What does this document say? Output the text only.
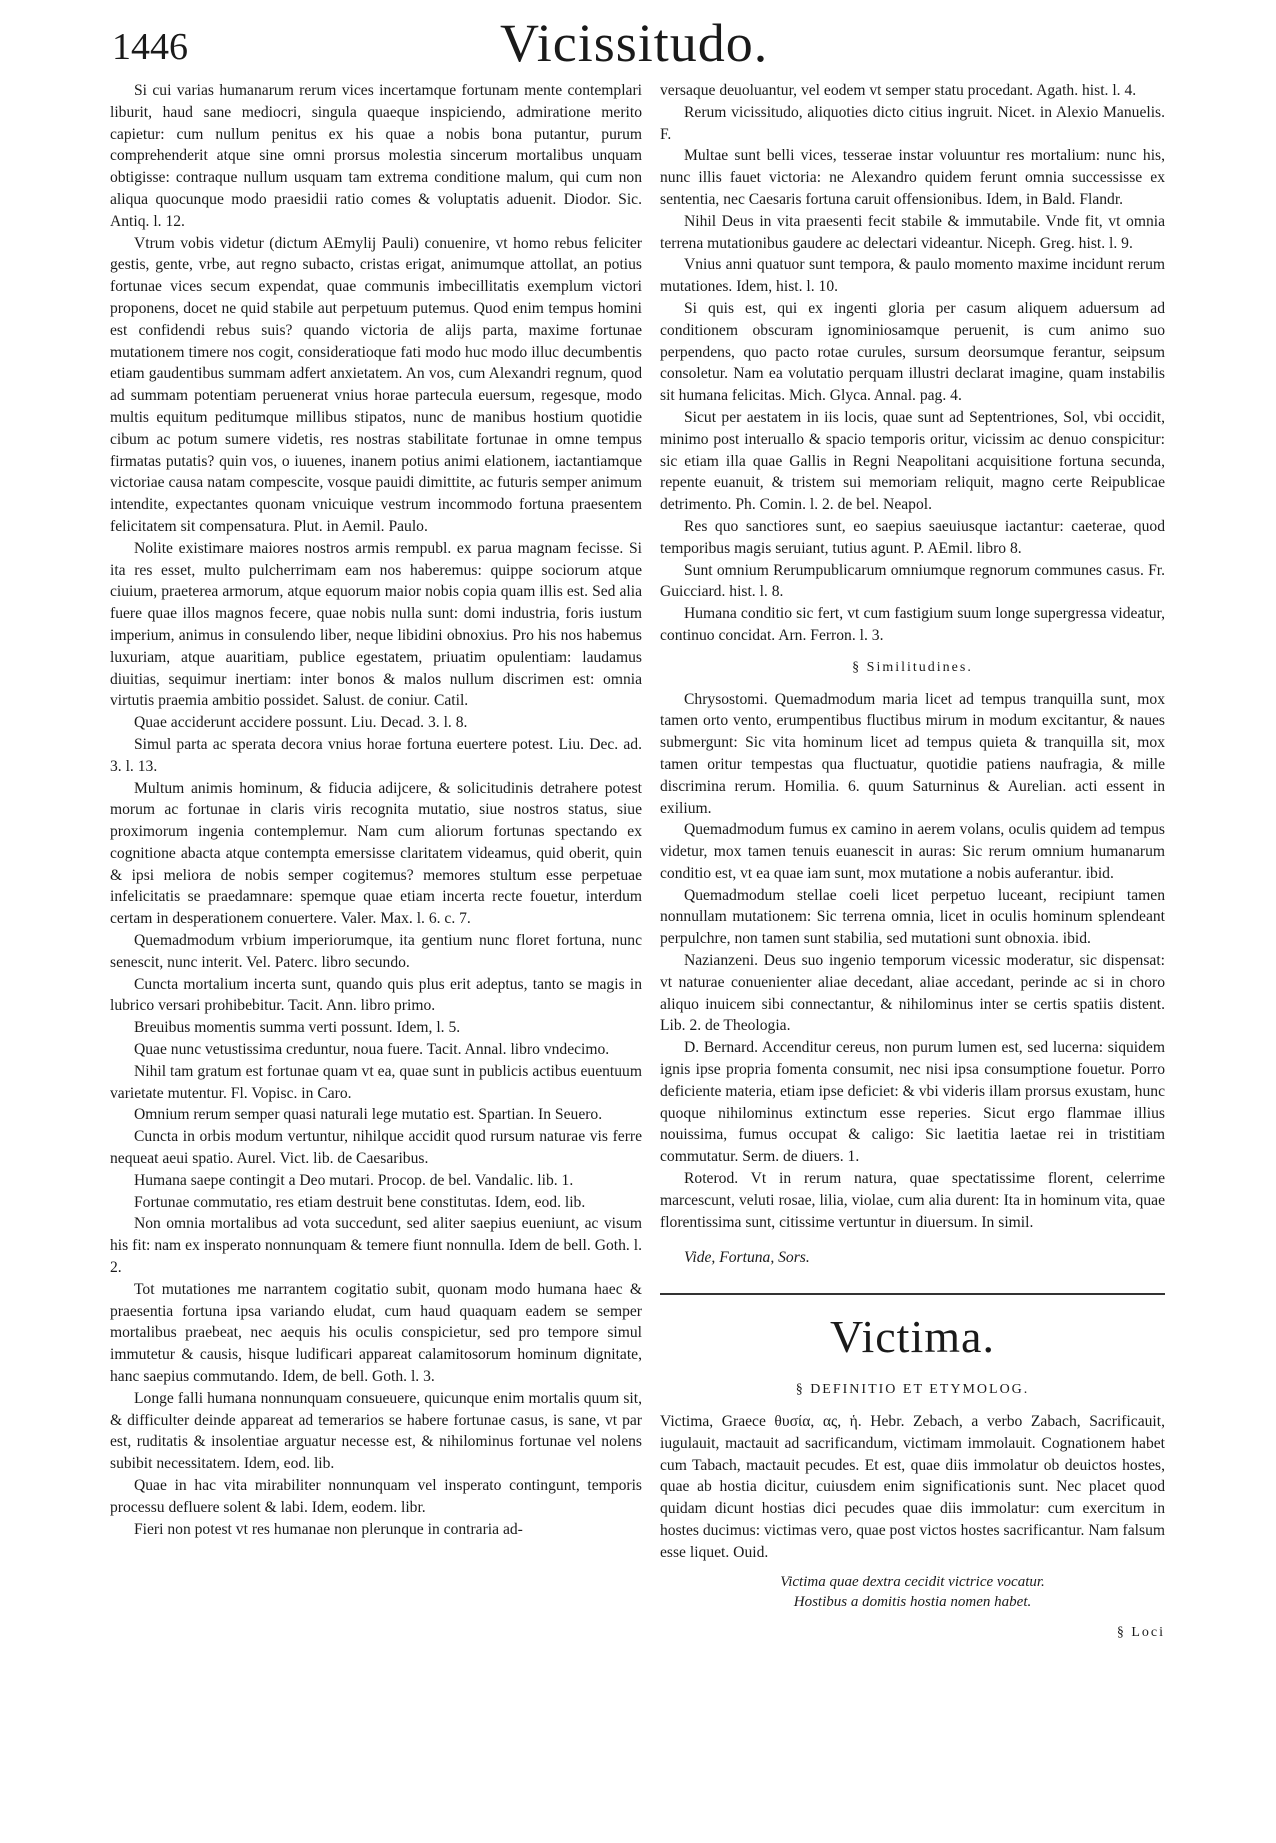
1446	Vicissitudo.

Si cui varias humanarum rerum vices incertamque fortunam mente contemplari liburit, haud sane mediocri, singula quaeque inspiciendo, admiratione merito capietur: cum nullum penitus ex his quae a nobis bona putantur, purum comprehenderit atque sine omni prorsus molestia sincerum mortalibus unquam obtigisse: contraque nullum usquam tam extrema conditione malum, qui cum non aliqua quocunque modo praesidii ratio comes & voluptatis aduenit. Diodor. Sic. Antiq. l. 12.

Vtrum vobis videtur (dictum AEmylij Pauli) conuenire, vt homo rebus feliciter gestis, gente, vrbe, aut regno subacto, cristas erigat, animumque attollat, an potius fortunae vices secum expendat, quae communis imbecillitatis exemplum victori proponens, docet ne quid stabile aut perpetuum putemus. Quod enim tempus homini est confidendi rebus suis? quando victoria de alijs parta, maxime fortunae mutationem timere nos cogit, consideratioque fati modo huc modo illuc decumbentis etiam gaudentibus summam adfert anxietatem. An vos, cum Alexandri regnum, quod ad summam potentiam peruenerat vnius horae partecula euersum, regesque, modo multis equitum peditumque millibus stipatos, nunc de manibus hostium quotidie cibum ac potum sumere videtis, res nostras stabilitate fortunae in omne tempus firmatas putatis? quin vos, o iuuenes, inanem potius animi elationem, iactantiamque victoriae causa natam compescite, vosque pauidi dimittite, ac futuris semper animum intendite, expectantes quonam vnicuique vestrum incommodo fortuna praesentem felicitatem sit compensatura. Plut. in Aemil. Paulo.

Nolite existimare maiores nostros armis rempubl. ex parua magnam fecisse. Si ita res esset, multo pulcherrimam eam nos haberemus: quippe sociorum atque ciuium, praeterea armorum, atque equorum maior nobis copia quam illis est. Sed alia fuere quae illos magnos fecere, quae nobis nulla sunt: domi industria, foris iustum imperium, animus in consulendo liber, neque libidini obnoxius. Pro his nos habemus luxuriam, atque auaritiam, publice egestatem, priuatim opulentiam: laudamus diuitias, sequimur inertiam: inter bonos & malos nullum discrimen est: omnia virtutis praemia ambitio possidet. Salust. de coniur. Catil.

Quae acciderunt accidere possunt. Liu. Decad. 3. l. 8.

Simul parta ac sperata decora vnius horae fortuna euertere potest. Liu. Dec. ad. 3. l. 13.

Multum animis hominum, & fiducia adijcere, & solicitudinis detrahere potest morum ac fortunae in claris viris recognita mutatio, siue nostros status, siue proximorum ingenia contemplemur. Nam cum aliorum fortunas spectando ex cognitione abacta atque contempta emersisse claritatem videamus, quid oberit, quin & ipsi meliora de nobis semper cogitemus? memores stultum esse perpetuae infelicitatis se praedamnare: spemque quae etiam incerta recte fouetur, interdum certam in desperationem conuertere. Valer. Max. l. 6. c. 7.

Quemadmodum vrbium imperiorumque, ita gentium nunc floret fortuna, nunc senescit, nunc interit. Vel. Paterc. libro secundo.

Cuncta mortalium incerta sunt, quando quis plus erit adeptus, tanto se magis in lubrico versari prohibebitur. Tacit. Ann. libro primo.

Breuibus momentis summa verti possunt. Idem, l. 5.

Quae nunc vetustissima creduntur, noua fuere. Tacit. Annal. libro vndecimo.

Nihil tam gratum est fortunae quam vt ea, quae sunt in publicis actibus euentuum varietate mutentur. Fl. Vopisc. in Caro.

Omnium rerum semper quasi naturali lege mutatio est. Spartian. In Seuero.

Cuncta in orbis modum vertuntur, nihilque accidit quod rursum naturae vis ferre nequeat aeui spatio. Aurel. Vict. lib. de Caesaribus.

Humana saepe contingit a Deo mutari. Procop. de bel. Vandalic. lib. 1.

Fortunae commutatio, res etiam destruit bene constitutas. Idem, eod. lib.

Non omnia mortalibus ad vota succedunt, sed aliter saepius eueniunt, ac visum his fit: nam ex insperato nonnunquam & temere fiunt nonnulla. Idem de bell. Goth. l. 2.

Tot mutationes me narrantem cogitatio subit, quonam modo humana haec & praesentia fortuna ipsa variando eludat, cum haud quaquam eadem se semper mortalibus praebeat, nec aequis his oculis conspicietur, sed pro tempore simul immutetur & causis, hisque ludificari appareat calamitosorum hominum dignitate, hanc saepius commutando. Idem, de bell. Goth. l. 3.

Longe falli humana nonnunquam consueuere, quicunque enim mortalis quum sit, & difficulter deinde appareat ad temerarios se habere fortunae casus, is sane, vt par est, ruditatis & insolentiae arguatur necesse est, & nihilominus fortunae vel nolens subibit necessitatem. Idem, eod. lib.

Quae in hac vita mirabiliter nonnunquam vel insperato contingunt, temporis processu defluere solent & labi. Idem, eodem. libr.

Fieri non potest vt res humanae non plerunque in contraria ad-

versaque deuoluantur, vel eodem vt semper statu procedant. Agath. hist. l. 4.

Rerum vicissitudo, aliquoties dicto citius ingruit. Nicet. in Alexio Manuelis. F.

Multae sunt belli vices, tesserae instar voluuntur res mortalium: nunc his, nunc illis fauet victoria: ne Alexandro quidem ferunt omnia successisse ex sententia, nec Caesaris fortuna caruit offensionibus. Idem, in Bald. Flandr.

Nihil Deus in vita praesenti fecit stabile & immutabile. Vnde fit, vt omnia terrena mutationibus gaudere ac delectari videantur. Niceph. Greg. hist. l. 9.

Vnius anni quatuor sunt tempora, & paulo momento maxime incidunt rerum mutationes. Idem, hist. l. 10.

Si quis est, qui ex ingenti gloria per casum aliquem aduersum ad conditionem obscuram ignominiosamque peruenit, is cum animo suo perpendens, quo pacto rotae curules, sursum deorsumque ferantur, seipsum consoletur. Nam ea volutatio perquam illustri declarat imagine, quam instabilis sit humana felicitas. Mich. Glyca. Annal. pag. 4.

Sicut per aestatem in iis locis, quae sunt ad Septentriones, Sol, vbi occidit, minimo post interuallo & spacio temporis oritur, vicissim ac denuo conspicitur: sic etiam illa quae Gallis in Regni Neapolitani acquisitione fortuna secunda, repente euanuit, & tristem sui memoriam reliquit, magno certe Reipublicae detrimento. Ph. Comin. l. 2. de bel. Neapol.

Res quo sanctiores sunt, eo saepius saeuiusque iactantur: caeterae, quod temporibus magis seruiant, tutius agunt. P. AEmil. libro 8.

Sunt omnium Rerumpublicarum omniumque regnorum communes casus. Fr. Guicciard. hist. l. 8.

Humana conditio sic fert, vt cum fastigium suum longe supergressa videatur, continuo concidat. Arn. Ferron. l. 3.

§ Similitudines.

Chrysostomi. Quemadmodum maria licet ad tempus tranquilla sunt, mox tamen orto vento, erumpentibus fluctibus mirum in modum excitantur, & naues submergunt: Sic vita hominum licet ad tempus quieta & tranquilla sit, mox tamen oritur tempestas qua fluctuatur, quotidie patiens naufragia, & mille discrimina rerum. Homilia. 6. quum Saturninus & Aurelian. acti essent in exilium.

Quemadmodum fumus ex camino in aerem volans, oculis quidem ad tempus videtur, mox tamen tenuis euanescit in auras: Sic rerum omnium humanarum conditio est, vt ea quae iam sunt, mox mutatione a nobis auferantur. ibid.

Quemadmodum stellae coeli licet perpetuo luceant, recipiunt tamen nonnullam mutationem: Sic terrena omnia, licet in oculis hominum splendeant perpulchre, non tamen sunt stabilia, sed mutationi sunt obnoxia. ibid.

Nazianzeni. Deus suo ingenio temporum vicessic moderatur, sic dispensat: vt naturae conuenienter aliae decedant, aliae accedant, perinde ac si in choro aliquo inuicem sibi connectantur, & nihilominus inter se certis spatiis distent. Lib. 2. de Theologia.

D. Bernard. Accenditur cereus, non purum lumen est, sed lucerna: siquidem ignis ipse propria fomenta consumit, nec nisi ipsa consumptione fouetur. Porro deficiente materia, etiam ipse deficiet: & vbi videris illam prorsus exustam, hunc quoque nihilominus extinctum esse reperies. Sicut ergo flammae illius nouissima, fumus occupat & caligo: Sic laetitia laetae rei in tristitiam commutatur. Serm. de diuers. 1.

Roterod. Vt in rerum natura, quae spectatissime florent, celerrime marcescunt, veluti rosae, lilia, violae, cum alia durent: Ita in hominum vita, quae florentissima sunt, citissime vertuntur in diuersum. In simil.

Vide, Fortuna, Sors.

Victima.

§ DEFINITIO ET ETYMOLOG.

Victima, Graece θυσία, ας, ἡ. Hebr. Zebach, a verbo Zabach, Sacrificauit, iugulauit, mactauit ad sacrificandum, victimam immolauit. Cognationem habet cum Tabach, mactauit pecudes. Et est, quae diis immolatur ob deuictos hostes, quae ab hostia dicitur, cuiusdem enim significationis sunt. Nec placet quod quidam dicunt hostias dici pecudes quae diis immolatur: cum exercitum in hostes ducimus: victimas vero, quae post victos hostes sacrificantur. Nam falsum esse liquet. Ouid.

Victima quae dextra cecidit victrice vocatur.

Hostibus a domitis hostia nomen habet.

§ Loci
